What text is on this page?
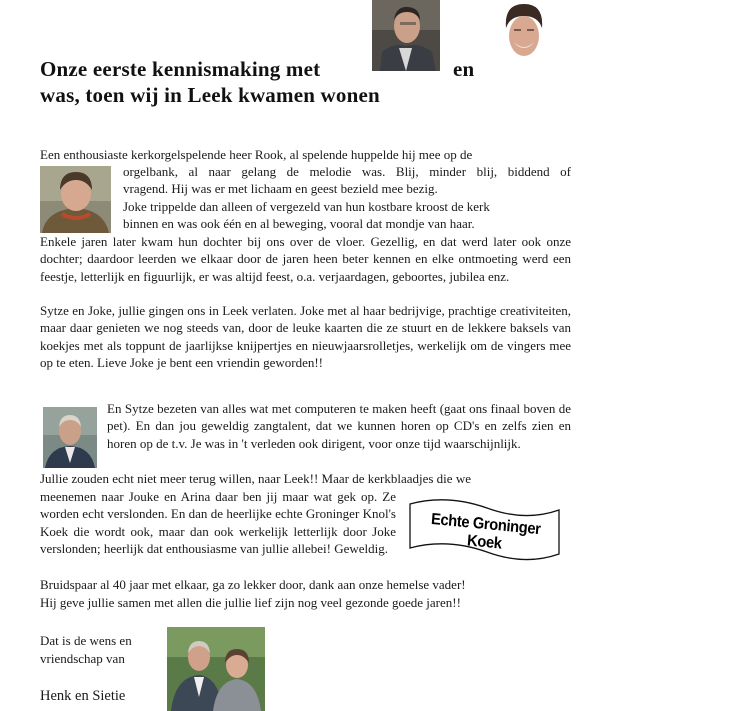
Onze eerste kennismaking met	en
was, toen wij in Leek kwamen wonen
Een enthousiaste kerkorgelspelende heer Rook, al spelende huppelde hij mee op de
orgelbank, al naar gelang de melodie was. Blij, minder blij, biddend of
vragend. Hij was er met lichaam en geest bezield mee bezig.
Joke trippelde dan alleen of vergezeld van hun kostbare kroost de kerk
binnen en was ook één en al beweging, vooral dat mondje van haar.
Enkele jaren later kwam hun dochter bij ons over de vloer. Gezellig, en dat werd later ook onze dochter; daardoor leerden we elkaar door de jaren heen beter kennen en elke ontmoeting werd een feestje, letterlijk en figuurlijk, er was altijd feest, o.a. verjaardagen, geboortes, jubilea enz.
Sytze en Joke, jullie gingen ons in Leek verlaten. Joke met al haar bedrijvige, prachtige creativiteiten, maar daar genieten we nog steeds van, door de leuke kaarten die ze stuurt en de lekkere baksels van koekjes met als toppunt de jaarlijkse knijpertjes en nieuwjaarsrolletjes, werkelijk om de vingers mee op te eten. Lieve Joke je bent een vriendin geworden!!
En Sytze bezeten van alles wat met computeren te maken heeft (gaat ons finaal boven de pet). En dan jou geweldig zangtalent, dat we kunnen horen op CD's en zelfs zien en horen op de t.v. Je was in 't verleden ook dirigent, voor onze tijd waarschijnlijk.
Jullie zouden echt niet meer terug willen, naar Leek!! Maar de kerkblaadjes die we
meenemen naar Jouke en Arina daar ben jij maar wat gek op. Ze worden echt verslonden. En dan de heerlijke echte Groninger Knol's Koek die wordt ook, maar dan ook werkelijk letterlijk door Joke verslonden; heerlijk dat enthousiasme van jullie allebei! Geweldig.
Echte Groninger Koek
Bruidspaar al 40 jaar met elkaar, ga zo lekker door, dank aan onze hemelse vader!
Hij geve jullie samen met allen die jullie lief zijn nog veel gezonde goede jaren!!
Dat is de wens en
vriendschap van
Henk en Sietie
